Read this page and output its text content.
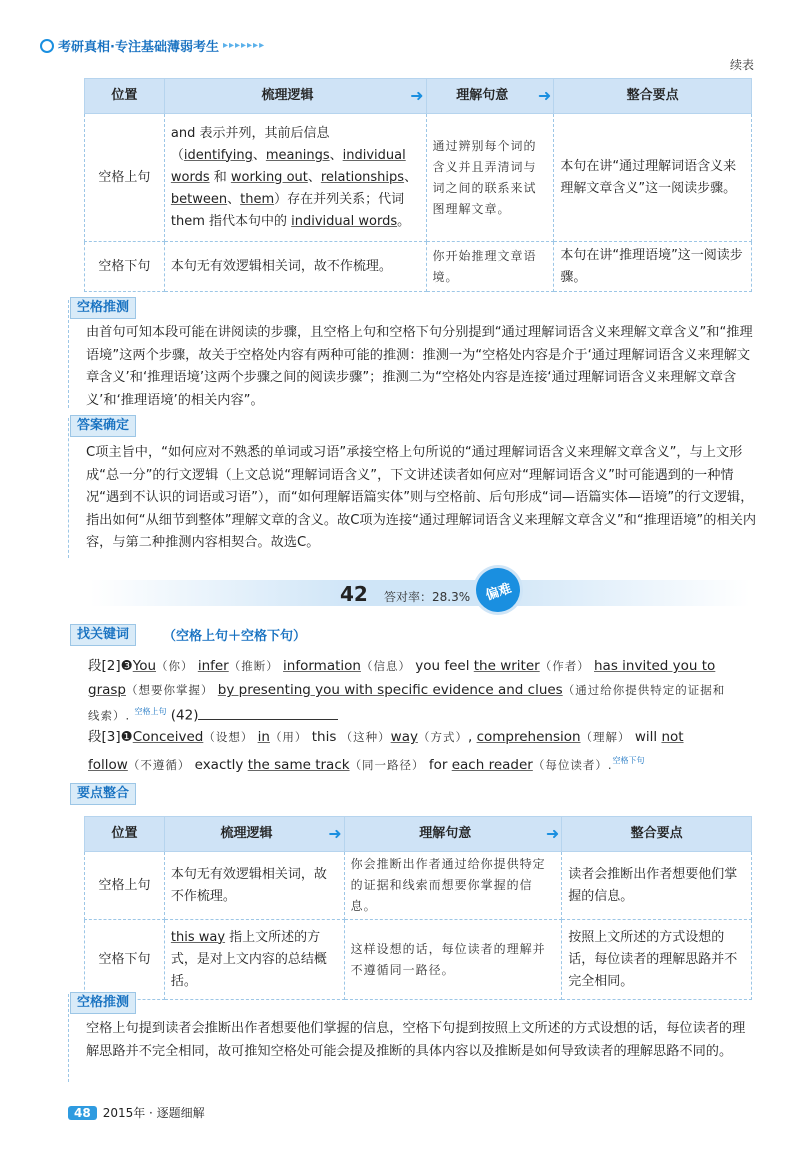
考研真相·专注基础薄弱考生 ▸▸▸▸▸▸▸
续表
位置	梳理逻辑 ➜	理解句意 ➜	整合要点
空格上句	and 表示并列，其前后信息（identifying、meanings、individual words 和 working out、relationships、between、them）存在并列关系；代词 them 指代本句中的 individual words。	通过辨别每个词的含义并且弄清词与词之间的联系来试图理解文章。	本句在讲“通过理解词语含义来理解文章含义”这一阅读步骤。
空格下句	本句无有效逻辑相关词，故不作梳理。	你开始推理文章语境。	本句在讲“推理语境”这一阅读步骤。
空格推测
由首句可知本段可能在讲阅读的步骤，且空格上句和空格下句分别提到“通过理解词语含义来理解文章含义”和“推理语境”这两个步骤，故关于空格处内容有两种可能的推测：推测一为“空格处内容是介于‘通过理解词语含义来理解文章含义’和‘推理语境’这两个步骤之间的阅读步骤”；推测二为“空格处内容是连接‘通过理解词语含义来理解文章含义’和‘推理语境’的相关内容”。
答案确定
C项主旨中，“如何应对不熟悉的单词或习语”承接空格上句所说的“通过理解词语含义来理解文章含义”，与上文形成“总一分”的行文逻辑（上文总说“理解词语含义”，下文讲述读者如何应对“理解词语含义”时可能遇到的一种情况“遇到不认识的词语或习语”），而“如何理解语篇实体”则与空格前、后句形成“词—语篇实体—语境”的行文逻辑，指出如何“从细节到整体”理解文章的含义。故C项为连接“通过理解词语含义来理解文章含义”和“推理语境”的相关内容，与第二种推测内容相契合。故选C。
42 答对率：28.3%	偏难
找关键词	（空格上句＋空格下句）
段[2]❸You（你） infer（推断） information（信息） you feel the writer（作者） has invited you to
grasp（想要你掌握） by presenting you with specific evidence and clues（通过给你提供特定的证据和
线索）. $^{空格上句}$ (42)
段[3]❶Conceived（设想） in（用） this （这种）way（方式）, comprehension（理解） will not
follow（不遵循） exactly the same track（同一路径） for each reader（每位读者）.$^{空格下句}$
要点整合
位置	梳理逻辑 ➜	理解句意 ➜	整合要点
空格上句	本句无有效逻辑相关词，故不作梳理。	你会推断出作者通过给你提供特定的证据和线索而想要你掌握的信息。	读者会推断出作者想要他们掌握的信息。
空格下句	this way 指上文所述的方式，是对上文内容的总结概括。	这样设想的话，每位读者的理解并不遵循同一路径。	按照上文所述的方式设想的话，每位读者的理解思路并不完全相同。
空格推测
空格上句提到读者会推断出作者想要他们掌握的信息，空格下句提到按照上文所述的方式设想的话，每位读者的理解思路并不完全相同，故可推知空格处可能会提及推断的具体内容以及推断是如何导致读者的理解思路不同的。
48	2015年 · 逐题细解
